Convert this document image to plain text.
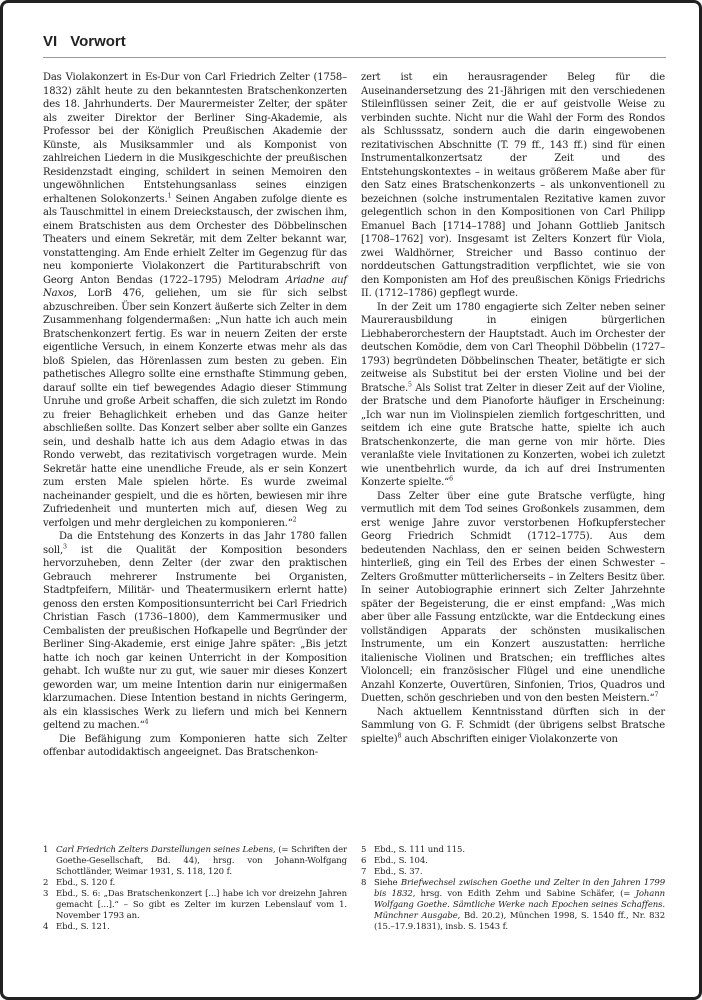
VI Vorwort

Das Violakonzert in Es-Dur von Carl Friedrich Zelter (1758–1832) zählt heute zu den bekanntesten Bratschenkonzerten des 18. Jahrhunderts. Der Maurermeister Zelter, der später als zweiter Direktor der Berliner Sing-Akademie, als Professor bei der Königlich Preußischen Akademie der Künste, als Musiksammler und als Komponist von zahlreichen Liedern in die Musikgeschichte der preußischen Residenzstadt einging, schildert in seinen Memoiren den ungewöhnlichen Entstehungsanlass seines einzigen erhaltenen Solokonzerts.$^1$ Seinen Angaben zufolge diente es als Tauschmittel in einem Dreieckstausch, der zwischen ihm, einem Bratschisten aus dem Orchester des Döbbelinschen Theaters und einem Sekretär, mit dem Zelter bekannt war, vonstattenging. Am Ende erhielt Zelter im Gegenzug für das neu komponierte Violakonzert die Partiturabschrift von Georg Anton Bendas (1722–1795) Melodram Ariadne auf Naxos, LorB 476, geliehen, um sie für sich selbst abzuschreiben. Über sein Konzert äußerte sich Zelter in dem Zusammenhang folgendermaßen: „Nun hatte ich auch mein Bratschenkonzert fertig. Es war in neuern Zeiten der erste eigentliche Versuch, in einem Konzerte etwas mehr als das bloß Spielen, das Hörenlassen zum besten zu geben. Ein pathetisches Allegro sollte eine ernsthafte Stimmung geben, darauf sollte ein tief bewegendes Adagio dieser Stimmung Unruhe und große Arbeit schaffen, die sich zuletzt im Rondo zu freier Behaglichkeit erheben und das Ganze heiter abschließen sollte. Das Konzert selber aber sollte ein Ganzes sein, und deshalb hatte ich aus dem Adagio etwas in das Rondo verwebt, das rezitativisch vorgetragen wurde. Mein Sekretär hatte eine unendliche Freude, als er sein Konzert zum ersten Male spielen hörte. Es wurde zweimal nacheinander gespielt, und die es hörten, bewiesen mir ihre Zufriedenheit und munterten mich auf, diesen Weg zu verfolgen und mehr dergleichen zu komponieren.“$^2$

Da die Entstehung des Konzerts in das Jahr 1780 fallen soll,$^3$ ist die Qualität der Komposition besonders hervorzuheben, denn Zelter (der zwar den praktischen Gebrauch mehrerer Instrumente bei Organisten, Stadtpfeifern, Militär- und Theatermusikern erlernt hatte) genoss den ersten Kompositionsunterricht bei Carl Friedrich Christian Fasch (1736–1800), dem Kammermusiker und Cembalisten der preußischen Hofkapelle und Begründer der Berliner Sing-Akademie, erst einige Jahre später: „Bis jetzt hatte ich noch gar keinen Unterricht in der Komposition gehabt. Ich wußte nur zu gut, wie sauer mir dieses Konzert geworden war, um meine Intention darin nur einigermaßen klarzumachen. Diese Intention bestand in nichts Geringerm, als ein klassisches Werk zu liefern und mich bei Kennern geltend zu machen.“$^4$

Die Befähigung zum Komponieren hatte sich Zelter offenbar autodidaktisch angeeignet. Das Bratschenkon-

1 Carl Friedrich Zelters Darstellungen seines Lebens, (= Schriften der Goethe-Gesellschaft, Bd. 44), hrsg. von Johann-Wolfgang Schottländer, Weimar 1931, S. 118, 120 f.
2 Ebd., S. 120 f.
3 Ebd., S. 6: „Das Bratschenkonzert [...] habe ich vor dreizehn Jahren gemacht [...].“ – So gibt es Zelter im kurzen Lebenslauf vom 1. November 1793 an.
4 Ebd., S. 121.

zert ist ein herausragender Beleg für die Auseinandersetzung des 21-Jährigen mit den verschiedenen Stileinflüssen seiner Zeit, die er auf geistvolle Weise zu verbinden suchte. Nicht nur die Wahl der Form des Rondos als Schlusssatz, sondern auch die darin eingewobenen rezitativischen Abschnitte (T. 79 ff., 143 ff.) sind für einen Instrumentalkonzertsatz der Zeit und des Entstehungskontextes – in weitaus größerem Maße aber für den Satz eines Bratschenkonzerts – als unkonventionell zu bezeichnen (solche instrumentalen Rezitative kamen zuvor gelegentlich schon in den Kompositionen von Carl Philipp Emanuel Bach [1714–1788] und Johann Gottlieb Janitsch [1708–1762] vor). Insgesamt ist Zelters Konzert für Viola, zwei Waldhörner, Streicher und Basso continuo der norddeutschen Gattungstradition verpflichtet, wie sie von den Komponisten am Hof des preußischen Königs Friedrichs II. (1712–1786) gepflegt wurde.

In der Zeit um 1780 engagierte sich Zelter neben seiner Maurerausbildung in einigen bürgerlichen Liebhaberorchestern der Hauptstadt. Auch im Orchester der deutschen Komödie, dem von Carl Theophil Döbbelin (1727–1793) begründeten Döbbelinschen Theater, betätigte er sich zeitweise als Substitut bei der ersten Violine und bei der Bratsche.$^5$ Als Solist trat Zelter in dieser Zeit auf der Violine, der Bratsche und dem Pianoforte häufiger in Erscheinung: „Ich war nun im Violinspielen ziemlich fortgeschritten, und seitdem ich eine gute Bratsche hatte, spielte ich auch Bratschenkonzerte, die man gerne von mir hörte. Dies veranlaßte viele Invitationen zu Konzerten, wobei ich zuletzt wie unentbehrlich wurde, da ich auf drei Instrumenten Konzerte spielte.“$^6$

Dass Zelter über eine gute Bratsche verfügte, hing vermutlich mit dem Tod seines Großonkels zusammen, dem erst wenige Jahre zuvor verstorbenen Hofkupferstecher Georg Friedrich Schmidt (1712–1775). Aus dem bedeutenden Nachlass, den er seinen beiden Schwestern hinterließ, ging ein Teil des Erbes der einen Schwester – Zelters Großmutter mütterlicherseits – in Zelters Besitz über. In seiner Autobiographie erinnert sich Zelter Jahrzehnte später der Begeisterung, die er einst empfand: „Was mich aber über alle Fassung entzückte, war die Entdeckung eines vollständigen Apparats der schönsten musikalischen Instrumente, um ein Konzert auszustatten: herrliche italienische Violinen und Bratschen; ein treffliches altes Violoncell; ein französischer Flügel und eine unendliche Anzahl Konzerte, Ouvertüren, Sinfonien, Trios, Quadros und Duetten, schön geschrieben und von den besten Meistern.“$^7$

Nach aktuellem Kenntnisstand dürften sich in der Sammlung von G. F. Schmidt (der übrigens selbst Bratsche spielte)$^8$ auch Abschriften einiger Violakonzerte von

5 Ebd., S. 111 und 115.
6 Ebd., S. 104.
7 Ebd., S. 37.
8 Siehe Briefwechsel zwischen Goethe und Zelter in den Jahren 1799 bis 1832, hrsg. von Edith Zehm und Sabine Schäfer, (= Johann Wolfgang Goethe. Sämtliche Werke nach Epochen seines Schaffens. Münchner Ausgabe, Bd. 20.2), München 1998, S. 1540 ff., Nr. 832 (15.–17.9.1831), insb. S. 1543 f.
